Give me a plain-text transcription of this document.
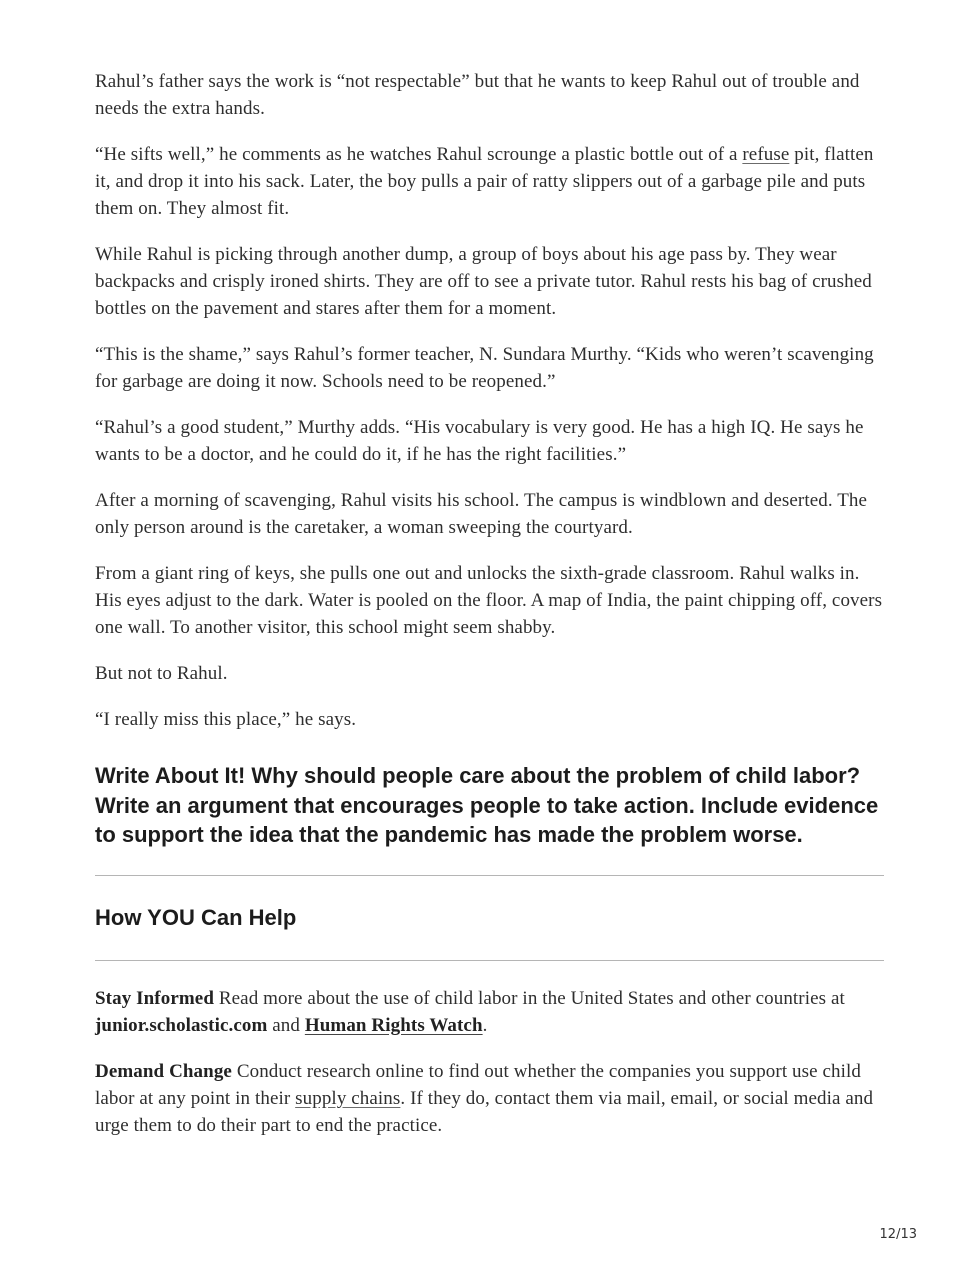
Rahul’s father says the work is “not respectable” but that he wants to keep Rahul out of trouble and needs the extra hands.

“He sifts well,” he comments as he watches Rahul scrounge a plastic bottle out of a refuse pit, flatten it, and drop it into his sack. Later, the boy pulls a pair of ratty slippers out of a garbage pile and puts them on. They almost fit.

While Rahul is picking through another dump, a group of boys about his age pass by. They wear backpacks and crisply ironed shirts. They are off to see a private tutor. Rahul rests his bag of crushed bottles on the pavement and stares after them for a moment.

“This is the shame,” says Rahul’s former teacher, N. Sundara Murthy. “Kids who weren’t scavenging for garbage are doing it now. Schools need to be reopened.”

“Rahul’s a good student,” Murthy adds. “His vocabulary is very good. He has a high IQ. He says he wants to be a doctor, and he could do it, if he has the right facilities.”

After a morning of scavenging, Rahul visits his school. The campus is windblown and deserted. The only person around is the caretaker, a woman sweeping the courtyard.

From a giant ring of keys, she pulls one out and unlocks the sixth-grade classroom. Rahul walks in. His eyes adjust to the dark. Water is pooled on the floor. A map of India, the paint chipping off, covers one wall. To another visitor, this school might seem shabby.

But not to Rahul.

“I really miss this place,” he says.

Write About It! Why should people care about the problem of child labor? Write an argument that encourages people to take action. Include evidence to support the idea that the pandemic has made the problem worse.
How YOU Can Help

Stay Informed Read more about the use of child labor in the United States and other countries at junior.scholastic.com and Human Rights Watch.

Demand Change Conduct research online to find out whether the companies you support use child labor at any point in their supply chains. If they do, contact them via mail, email, or social media and urge them to do their part to end the practice.

12/13
